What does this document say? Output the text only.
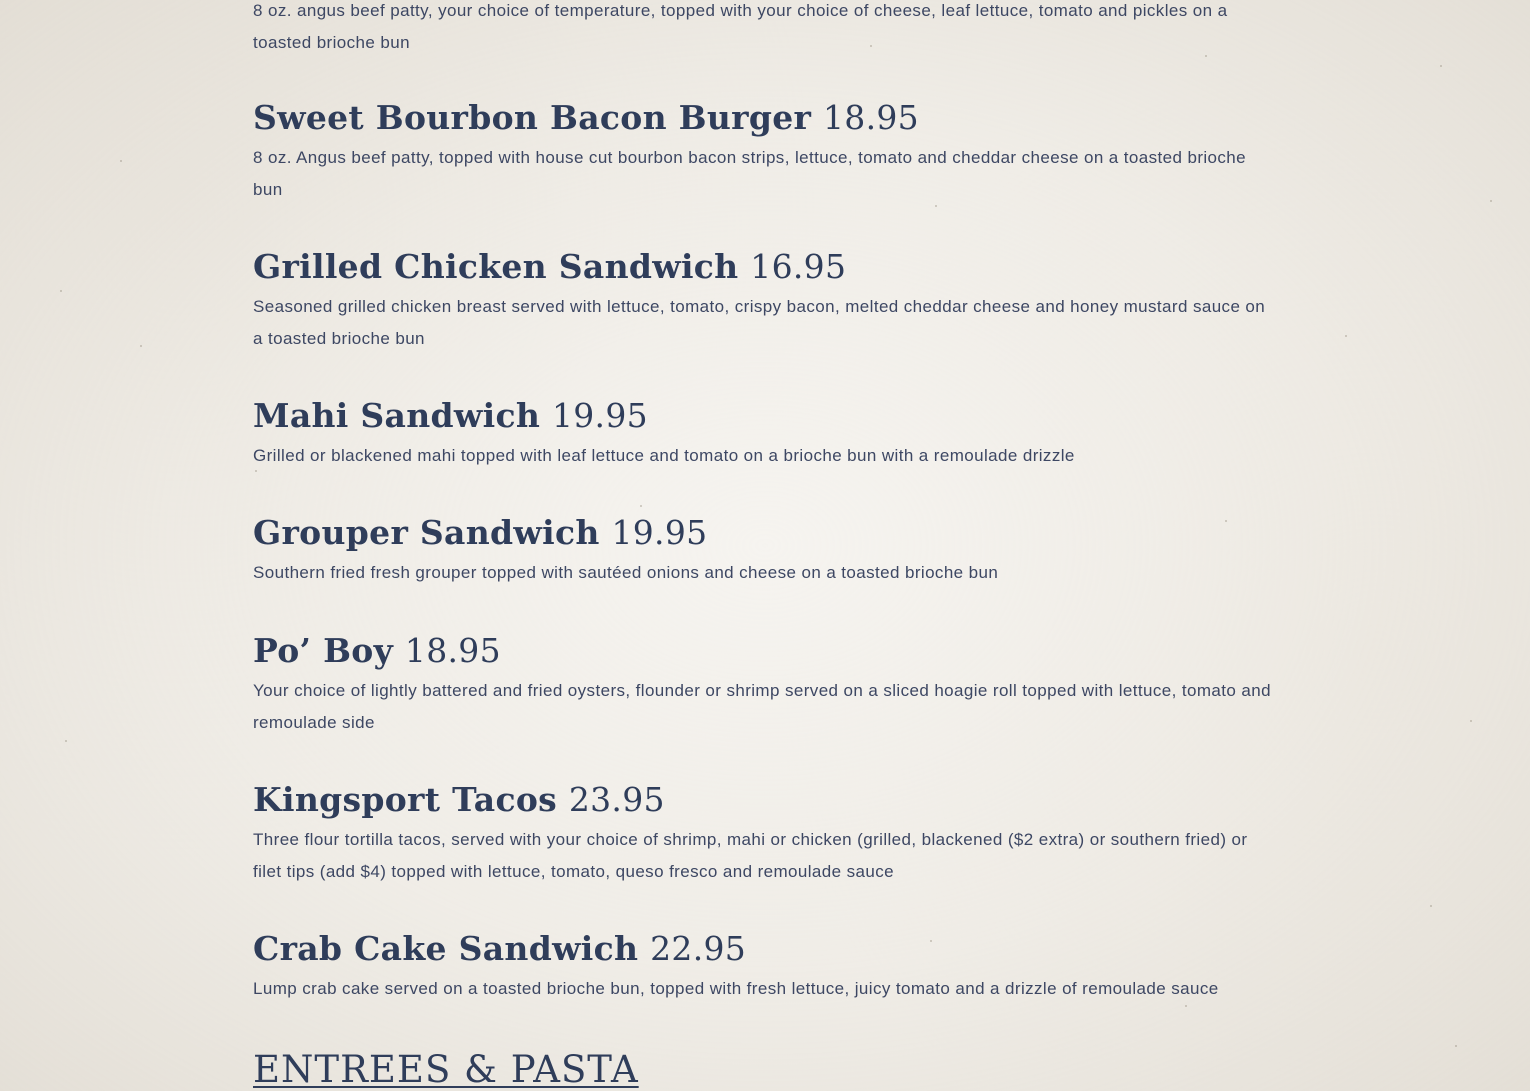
8 oz. angus beef patty, your choice of temperature, topped with your choice of cheese, leaf lettuce, tomato and pickles on a toasted brioche bun

Sweet Bourbon Bacon Burger 18.95

8 oz. Angus beef patty, topped with house cut bourbon bacon strips, lettuce, tomato and cheddar cheese on a toasted brioche bun

Grilled Chicken Sandwich 16.95

Seasoned grilled chicken breast served with lettuce, tomato, crispy bacon, melted cheddar cheese and honey mustard sauce on a toasted brioche bun

Mahi Sandwich 19.95

Grilled or blackened mahi topped with leaf lettuce and tomato on a brioche bun with a remoulade drizzle

Grouper Sandwich 19.95

Southern fried fresh grouper topped with sautéed onions and cheese on a toasted brioche bun

Po’ Boy 18.95

Your choice of lightly battered and fried oysters, flounder or shrimp served on a sliced hoagie roll topped with lettuce, tomato and remoulade side

Kingsport Tacos 23.95

Three flour tortilla tacos, served with your choice of shrimp, mahi or chicken (grilled, blackened ($2 extra) or southern fried) or filet tips (add $4) topped with lettuce, tomato, queso fresco and remoulade sauce

Crab Cake Sandwich 22.95

Lump crab cake served on a toasted brioche bun, topped with fresh lettuce, juicy tomato and a drizzle of remoulade sauce

ENTREES & PASTA
